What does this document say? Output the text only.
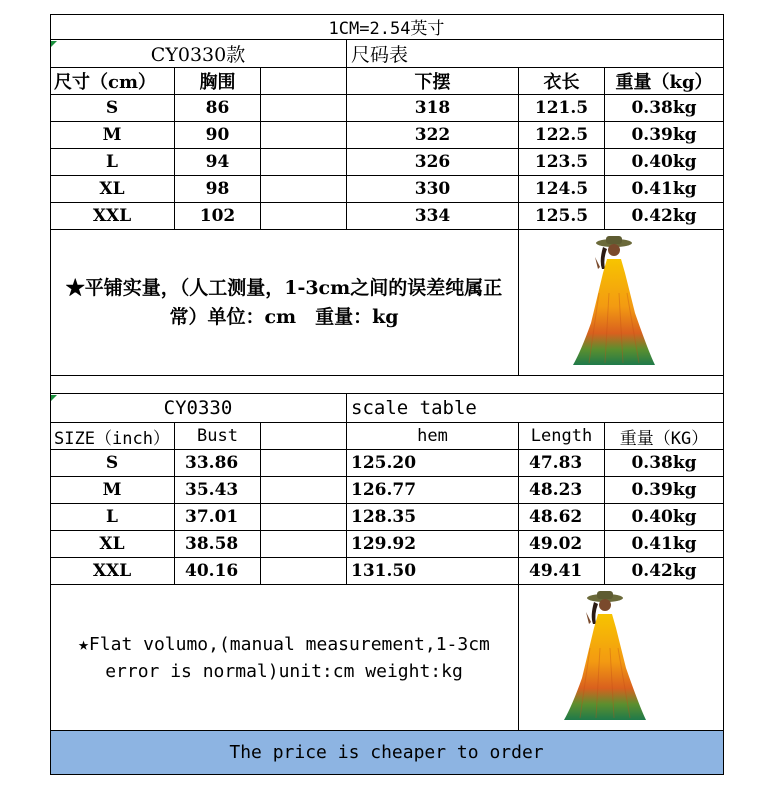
1CM=2.54英寸
CY0330款	尺码表
尺寸（cm）	胸围	下摆	衣长	重量（kg）
S	86	318	121.5	0.38kg
M	90	322	122.5	0.39kg
L	94	326	123.5	0.40kg
XL	98	330	124.5	0.41kg
XXL	102	334	125.5	0.42kg
★平铺实量，（人工测量，1-3cm之间的误差纯属正常）单位：cm　重量：kg
CY0330	scale table
SIZE（inch）	Bust	hem	Length	重量（KG）
S	33.86	125.20	47.83	0.38kg
M	35.43	126.77	48.23	0.39kg
L	37.01	128.35	48.62	0.40kg
XL	38.58	129.92	49.02	0.41kg
XXL	40.16	131.50	49.41	0.42kg
★Flat volumo,(manual measurement,1-3cm error is normal)unit:cm weight:kg
The price is cheaper to order
